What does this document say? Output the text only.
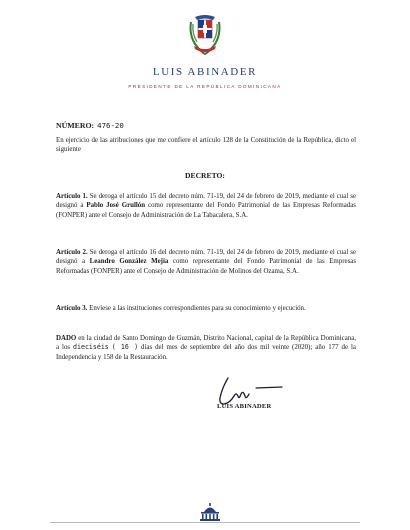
LUIS ABINADER
PRESIDENTE DE LA REPÚBLICA DOMINICANA
NÚMERO: 476-20
En ejercicio de las atribuciones que me confiere el artículo 128 de la Constitución de la República, dicto el siguiente
DECRETO:
Artículo 1. Se deroga el artículo 15 del decreto núm. 71-19, del 24 de febrero de 2019, mediante el cual se designó a Pablo José Grullón como representante del Fondo Patrimonial de las Empresas Reformadas (FONPER) ante el Consejo de Administración de La Tabacalera, S.A.
Artículo 2. Se deroga el artículo 16 del decreto núm. 71-19, del 24 de febrero de 2019, mediante el cual se designó a Leandro González Mejía como representante del Fondo Patrimonial de las Empresas Reformadas (FONPER) ante el Consejo de Administración de Molinos del Ozama, S.A.
Artículo 3. Envíese a las instituciones correspondientes para su conocimiento y ejecución.
DADO en la ciudad de Santo Domingo de Guzmán, Distrito Nacional, capital de la República Dominicana, a los dieciséis ( 16 ) días del mes de septiembre del año dos mil veinte (2020); año 177 de la Independencia y 158 de la Restauración.
LUIS ABINADER
